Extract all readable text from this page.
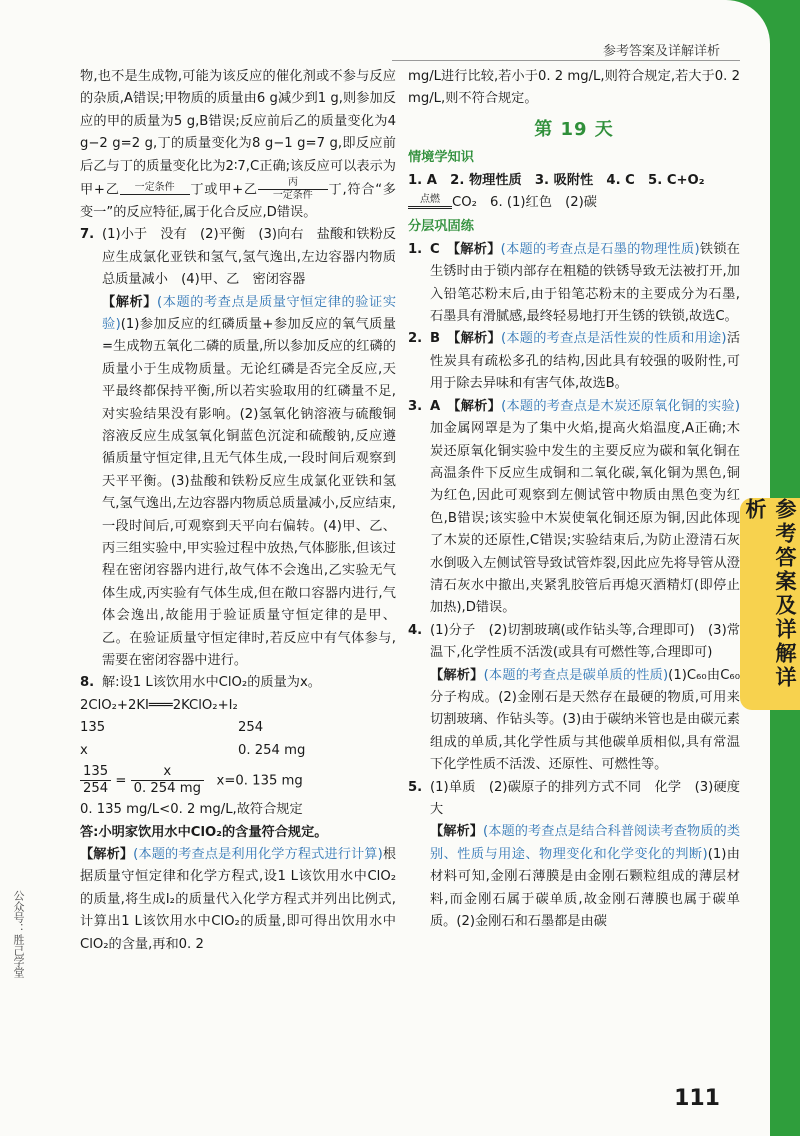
参考答案及详解详析

物,也不是生成物,可能为该反应的催化剂或不参与反应的杂质,A错误;甲物质的质量由6 g减少到1 g,则参加反应的甲的质量为5 g,B错误;反应前后乙的质量变化为4 g−2 g=2 g,丁的质量变化为8 g−1 g=7 g,即反应前后乙与丁的质量变化比为2∶7,C正确;该反应可以表示为甲+乙	一定条件	丁或甲+乙	丙
一定条件	丁,符合“多变一”的反应特征,属于化合反应,D错误。

7. (1)小于　没有　(2)平衡　(3)向右　盐酸和铁粉反应生成氯化亚铁和氢气,氢气逸出,左边容器内物质总质量减小　(4)甲、乙　密闭容器

【解析】(本题的考查点是质量守恒定律的验证实验)(1)参加反应的红磷质量+参加反应的氧气质量=生成物五氧化二磷的质量,所以参加反应的红磷的质量小于生成物质量。无论红磷是否完全反应,天平最终都保持平衡,所以若实验取用的红磷量不足,对实验结果没有影响。(2)氢氧化钠溶液与硫酸铜溶液反应生成氢氧化铜蓝色沉淀和硫酸钠,反应遵循质量守恒定律,且无气体生成,一段时间后观察到天平平衡。(3)盐酸和铁粉反应生成氯化亚铁和氢气,氢气逸出,左边容器内物质总质量减小,反应结束,一段时间后,可观察到天平向右偏转。(4)甲、乙、丙三组实验中,甲实验过程中放热,气体膨胀,但该过程在密闭容器内进行,故气体不会逸出,乙实验无气体生成,丙实验有气体生成,但在敞口容器内进行,气体会逸出,故能用于验证质量守恒定律的是甲、乙。在验证质量守恒定律时,若反应中有气体参与,需要在密闭容器中进行。

8. 解:设1 L该饮用水中ClO₂的质量为x。

2ClO₂+2KI═══2KClO₂+I₂
135	254
x	0. 254 mg
$\frac{135}{254} = \frac{x}{0. 254 mg} x=0$. 135 mg

0. 135 mg/L<0. 2 mg/L,故符合规定

答:小明家饮用水中ClO₂的含量符合规定。

【解析】(本题的考查点是利用化学方程式进行计算)根据质量守恒定律和化学方程式,设1 L该饮用水中ClO₂的质量,将生成I₂的质量代入化学方程式并列出比例式,计算出1 L该饮用水中ClO₂的质量,即可得出饮用水中ClO₂的含量,再和0. 2

mg/L进行比较,若小于0. 2 mg/L,则符合规定,若大于0. 2 mg/L,则不符合规定。

第 19 天
情境学知识

1. A　2. 物理性质　3. 吸附性　4. C　5. C+O₂

点燃 CO₂　6. (1)红色　(2)碳

分层巩固练
1. C　 【解析】(本题的考查点是石墨的物理性质)铁锁在生锈时由于锁内部存在粗糙的铁锈导致无法被打开,加入铅笔芯粉末后,由于铅笔芯粉末的主要成分为石墨,石墨具有滑腻感,最终轻易地打开生锈的铁锁,故选C。

2. B　 【解析】(本题的考查点是活性炭的性质和用途)活性炭具有疏松多孔的结构,因此具有较强的吸附性,可用于除去异味和有害气体,故选B。

3. A　 【解析】(本题的考查点是木炭还原氧化铜的实验)加金属网罩是为了集中火焰,提高火焰温度,A正确;木炭还原氧化铜实验中发生的主要反应为碳和氧化铜在高温条件下反应生成铜和二氧化碳,氧化铜为黑色,铜为红色,因此可观察到左侧试管中物质由黑色变为红色,B错误;该实验中木炭使氧化铜还原为铜,因此体现了木炭的还原性,C错误;实验结束后,为防止澄清石灰水倒吸入左侧试管导致试管炸裂,因此应先将导管从澄清石灰水中撤出,夹紧乳胶管后再熄灭酒精灯(即停止加热),D错误。

4. (1)分子　(2)切割玻璃(或作钻头等,合理即可)　(3)常温下,化学性质不活泼(或具有可燃性等,合理即可)

【解析】(本题的考查点是碳单质的性质)(1)C₆₀由C₆₀分子构成。(2)金刚石是天然存在最硬的物质,可用来切割玻璃、作钻头等。(3)由于碳纳米管也是由碳元素组成的单质,其化学性质与其他碳单质相似,具有常温下化学性质不活泼、还原性、可燃性等。

5. (1)单质　(2)碳原子的排列方式不同　化学　(3)硬度大

【解析】(本题的考查点是结合科普阅读考查物质的类别、性质与用途、物理变化和化学变化的判断)(1)由材料可知,金刚石薄膜是由金刚石颗粒组成的薄层材料,而金刚石属于碳单质,故金刚石薄膜也属于碳单质。(2)金刚石和石墨都是由碳

公众号：胜己学堂
111
参考答案及详解详析
